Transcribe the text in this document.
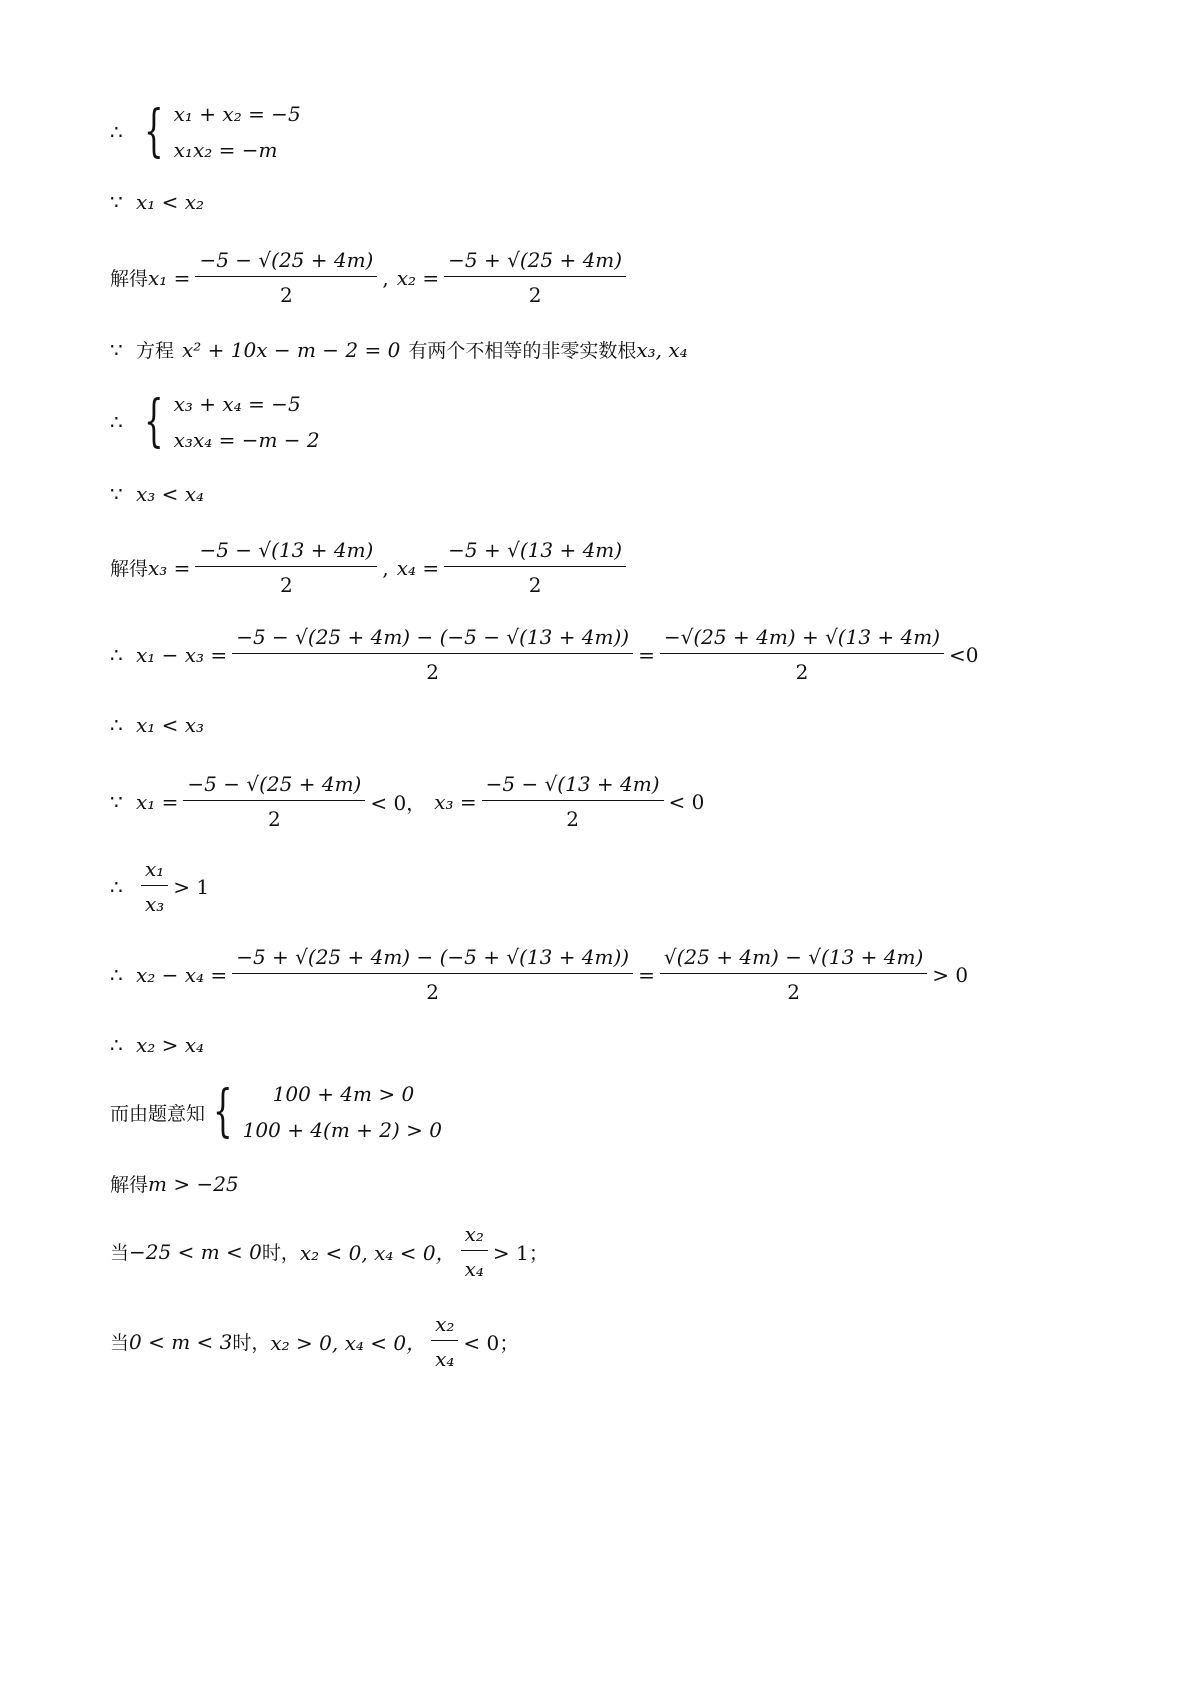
∴ { x₁ + x₂ = −5
x₁x₂ = −m
∵ x₁ < x₂
解得 $x_1 = \frac{-5 - √(25 + 4m)}{2}$ , $x_2 = \frac{-5 + √(25 + 4m)}{2}$
∵ 方程 x² + 10x − m − 2 = 0 有两个不相等的非零实数根 x₃, x₄
∴ { x₃ + x₄ = −5
x₃x₄ = −m − 2
∵ x₃ < x₄
解得 $x_3 = \frac{-5 - √(13 + 4m)}{2}$ , $x_4 = \frac{-5 + √(13 + 4m)}{2}$
∴ $x_1 - x_3 = \frac{-5 - √(25 + 4m) - (-5 - √(13 + 4m))}{2} = \frac{-√(25 + 4m) + √(13 + 4m)}{2} <0$
∴ x₁ < x₃
∵ $x_1 = \frac{-5 - √(25 + 4m)}{2} < 0$， $x_3 = \frac{-5 - √(13 + 4m)}{2} < 0$
∴ $\frac{\text{x₁}}{\text{x₃}} > 1$
∴ $x_2 - x_4 = \frac{-5 + √(25 + 4m) - (-5 + √(13 + 4m))}{2} = \frac{√(25 + 4m) - √(13 + 4m)}{2} > 0$
∴ x₂ > x₄
而由题意知 {	100 + 4m > 0
100 + 4(m + 2) > 0
解得 m > −25
当 −25 < m < 0 时， x₂ < 0, x₄ < 0， $\frac{\text{x₂}}{\text{x₄}} > 1$；
当 0 < m < 3 时， x₂ > 0, x₄ < 0， $\frac{\text{x₂}}{\text{x₄}} < 0$；
